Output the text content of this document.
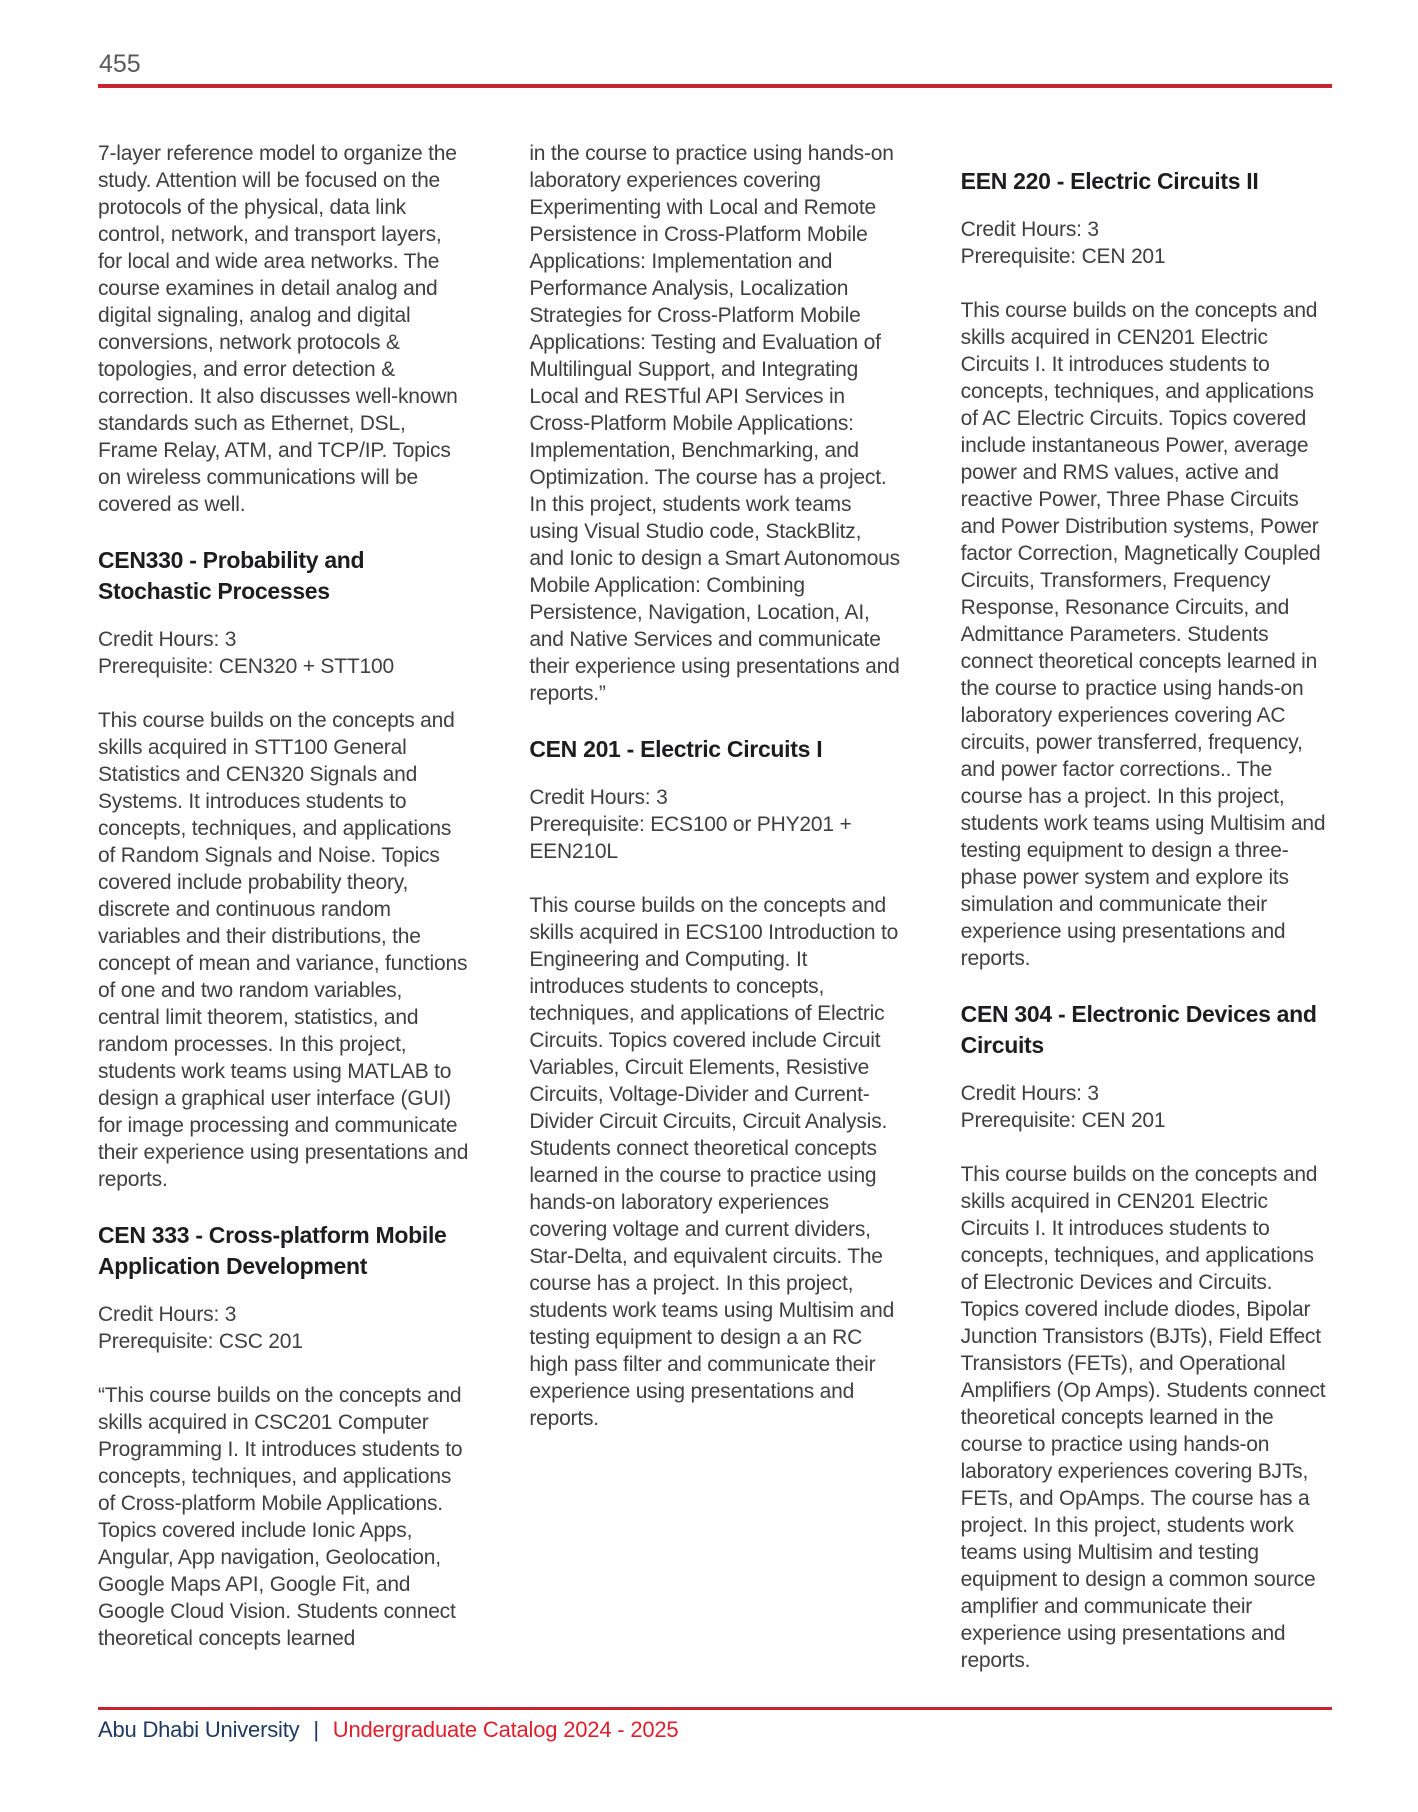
455

7-layer reference model to organize the study. Attention will be focused on the protocols of the physical, data link control, network, and transport layers, for local and wide area networks. The course examines in detail analog and digital signaling, analog and digital conversions, network protocols & topologies, and error detection & correction. It also discusses well-known standards such as Ethernet, DSL, Frame Relay, ATM, and TCP/IP. Topics on wireless communications will be covered as well.

CEN330 - Probability and Stochastic Processes
Credit Hours: 3
Prerequisite: CEN320 + STT100

This course builds on the concepts and skills acquired in STT100 General Statistics and CEN320 Signals and Systems. It introduces students to concepts, techniques, and applications of Random Signals and Noise. Topics covered include probability theory, discrete and continuous random variables and their distributions, the concept of mean and variance, functions of one and two random variables, central limit theorem, statistics, and random processes. In this project, students work teams using MATLAB to design a graphical user interface (GUI) for image processing and communicate their experience using presentations and reports.

CEN 333 - Cross-platform Mobile Application Development
Credit Hours: 3
Prerequisite: CSC 201

“This course builds on the concepts and skills acquired in CSC201 Computer Programming I. It introduces students to concepts, techniques, and applications of Cross-platform Mobile Applications. Topics covered include Ionic Apps, Angular, App navigation, Geolocation, Google Maps API, Google Fit, and Google Cloud Vision. Students connect theoretical concepts learned

in the course to practice using hands-on laboratory experiences covering Experimenting with Local and Remote Persistence in Cross-Platform Mobile Applications: Implementation and Performance Analysis, Localization Strategies for Cross-Platform Mobile Applications: Testing and Evaluation of Multilingual Support, and Integrating Local and RESTful API Services in Cross-Platform Mobile Applications: Implementation, Benchmarking, and Optimization. The course has a project. In this project, students work teams using Visual Studio code, StackBlitz, and Ionic to design a Smart Autonomous Mobile Application: Combining Persistence, Navigation, Location, AI, and Native Services and communicate their experience using presentations and reports.”

CEN 201 - Electric Circuits I
Credit Hours: 3
Prerequisite: ECS100 or PHY201 + EEN210L

This course builds on the concepts and skills acquired in ECS100 Introduction to Engineering and Computing. It introduces students to concepts, techniques, and applications of Electric Circuits. Topics covered include Circuit Variables, Circuit Elements, Resistive Circuits, Voltage-Divider and Current-Divider Circuit Circuits, Circuit Analysis. Students connect theoretical concepts learned in the course to practice using hands-on laboratory experiences covering voltage and current dividers, Star-Delta, and equivalent circuits. The course has a project. In this project, students work teams using Multisim and testing equipment to design a an RC high pass filter and communicate their experience using presentations and reports.

EEN 220 - Electric Circuits II
Credit Hours: 3
Prerequisite: CEN 201

This course builds on the concepts and skills acquired in CEN201 Electric Circuits I. It introduces students to concepts, techniques, and applications of AC Electric Circuits. Topics covered include instantaneous Power, average power and RMS values, active and reactive Power, Three Phase Circuits and Power Distribution systems, Power factor Correction, Magnetically Coupled Circuits, Transformers, Frequency Response, Resonance Circuits, and Admittance Parameters. Students connect theoretical concepts learned in the course to practice using hands-on laboratory experiences covering AC circuits, power transferred, frequency, and power factor corrections.. The course has a project. In this project, students work teams using Multisim and testing equipment to design a three-phase power system and explore its simulation and communicate their experience using presentations and reports.

CEN 304 - Electronic Devices and Circuits
Credit Hours: 3
Prerequisite: CEN 201

This course builds on the concepts and skills acquired in CEN201 Electric Circuits I. It introduces students to concepts, techniques, and applications of Electronic Devices and Circuits. Topics covered include diodes, Bipolar Junction Transistors (BJTs), Field Effect Transistors (FETs), and Operational Amplifiers (Op Amps). Students connect theoretical concepts learned in the course to practice using hands-on laboratory experiences covering BJTs, FETs, and OpAmps. The course has a project. In this project, students work teams using Multisim and testing equipment to design a common source amplifier and communicate their experience using presentations and reports.

Abu Dhabi University | Undergraduate Catalog 2024 - 2025
